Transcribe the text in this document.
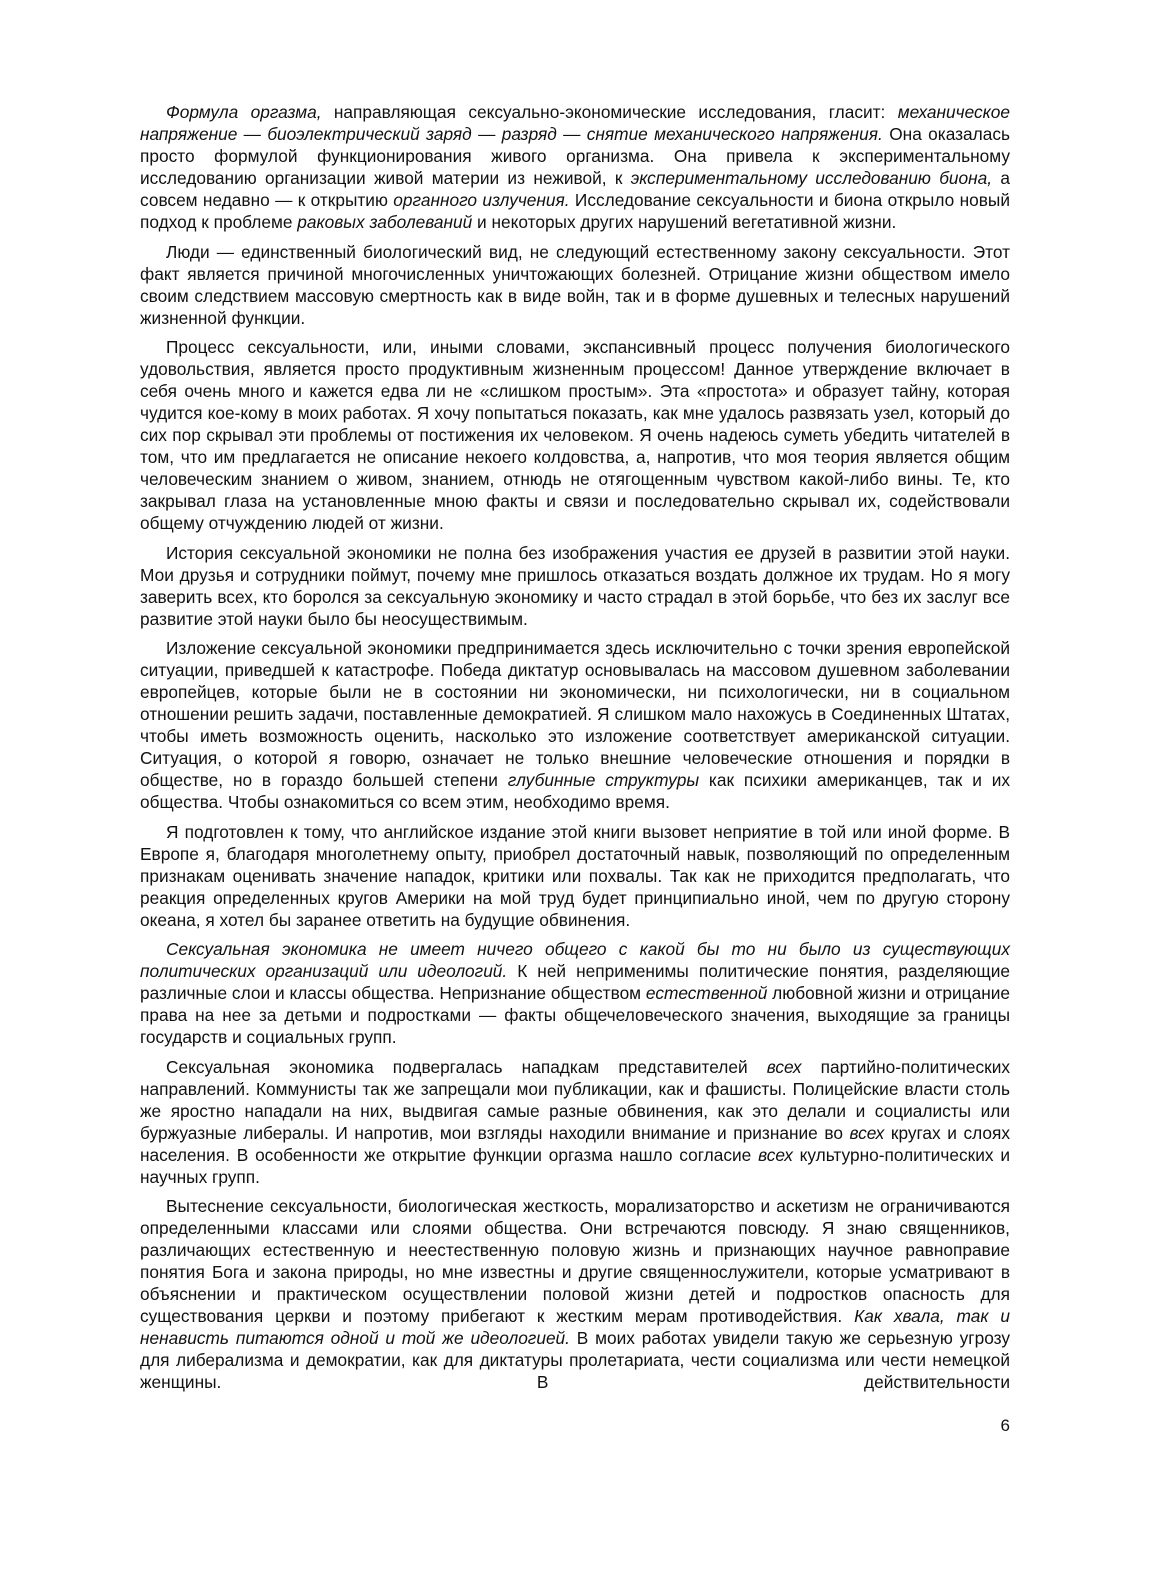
Формула оргазма, направляющая сексуально-экономические исследования, гласит: механическое напряжение — биоэлектрический заряд — разряд — снятие механического напряжения. Она оказалась просто формулой функционирования живого организма. Она привела к экспериментальному исследованию организации живой материи из неживой, к экспериментальному исследованию биона, а совсем недавно — к открытию органного излучения. Исследование сексуальности и биона открыло новый подход к проблеме раковых заболеваний и некоторых других нарушений вегетативной жизни.

Люди — единственный биологический вид, не следующий естественному закону сексуальности. Этот факт является причиной многочисленных уничтожающих болезней. Отрицание жизни обществом имело своим следствием массовую смертность как в виде войн, так и в форме душевных и телесных нарушений жизненной функции.

Процесс сексуальности, или, иными словами, экспансивный процесс получения биологического удовольствия, является просто продуктивным жизненным процессом! Данное утверждение включает в себя очень много и кажется едва ли не «слишком простым». Эта «простота» и образует тайну, которая чудится кое-кому в моих работах. Я хочу попытаться показать, как мне удалось развязать узел, который до сих пор скрывал эти проблемы от постижения их человеком. Я очень надеюсь суметь убедить читателей в том, что им предлагается не описание некоего колдовства, а, напротив, что моя теория является общим человеческим знанием о живом, знанием, отнюдь не отягощенным чувством какой-либо вины. Те, кто закрывал глаза на установленные мною факты и связи и последовательно скрывал их, содействовали общему отчуждению людей от жизни.

История сексуальной экономики не полна без изображения участия ее друзей в развитии этой науки. Мои друзья и сотрудники поймут, почему мне пришлось отказаться воздать должное их трудам. Но я могу заверить всех, кто боролся за сексуальную экономику и часто страдал в этой борьбе, что без их заслуг все развитие этой науки было бы неосуществимым.

Изложение сексуальной экономики предпринимается здесь исключительно с точки зрения европейской ситуации, приведшей к катастрофе. Победа диктатур основывалась на массовом душевном заболевании европейцев, которые были не в состоянии ни экономически, ни психологически, ни в социальном отношении решить задачи, поставленные демократией. Я слишком мало нахожусь в Соединенных Штатах, чтобы иметь возможность оценить, насколько это изложение соответствует американской ситуации. Ситуация, о которой я говорю, означает не только внешние человеческие отношения и порядки в обществе, но в гораздо большей степени глубинные структуры как психики американцев, так и их общества. Чтобы ознакомиться со всем этим, необходимо время.

Я подготовлен к тому, что английское издание этой книги вызовет неприятие в той или иной форме. В Европе я, благодаря многолетнему опыту, приобрел достаточный навык, позволяющий по определенным признакам оценивать значение нападок, критики или похвалы. Так как не приходится предполагать, что реакция определенных кругов Америки на мой труд будет принципиально иной, чем по другую сторону океана, я хотел бы заранее ответить на будущие обвинения.

Сексуальная экономика не имеет ничего общего с какой бы то ни было из существующих политических организаций или идеологий. К ней неприменимы политические понятия, разделяющие различные слои и классы общества. Непризнание обществом естественной любовной жизни и отрицание права на нее за детьми и подростками — факты общечеловеческого значения, выходящие за границы государств и социальных групп.

Сексуальная экономика подвергалась нападкам представителей всех партийно-политических направлений. Коммунисты так же запрещали мои публикации, как и фашисты. Полицейские власти столь же яростно нападали на них, выдвигая самые разные обвинения, как это делали и социалисты или буржуазные либералы. И напротив, мои взгляды находили внимание и признание во всех кругах и слоях населения. В особенности же открытие функции оргазма нашло согласие всех культурно-политических и научных групп.

Вытеснение сексуальности, биологическая жесткость, морализаторство и аскетизм не ограничиваются определенными классами или слоями общества. Они встречаются повсюду. Я знаю священников, различающих естественную и неестественную половую жизнь и признающих научное равноправие понятия Бога и закона природы, но мне известны и другие священнослужители, которые усматривают в объяснении и практическом осуществлении половой жизни детей и подростков опасность для существования церкви и поэтому прибегают к жестким мерам противодействия. Как хвала, так и ненависть питаются одной и той же идеологией. В моих работах увидели такую же серьезную угрозу для либерализма и демократии, как для диктатуры пролетариата, чести социализма или чести немецкой женщины. В действительности

6
